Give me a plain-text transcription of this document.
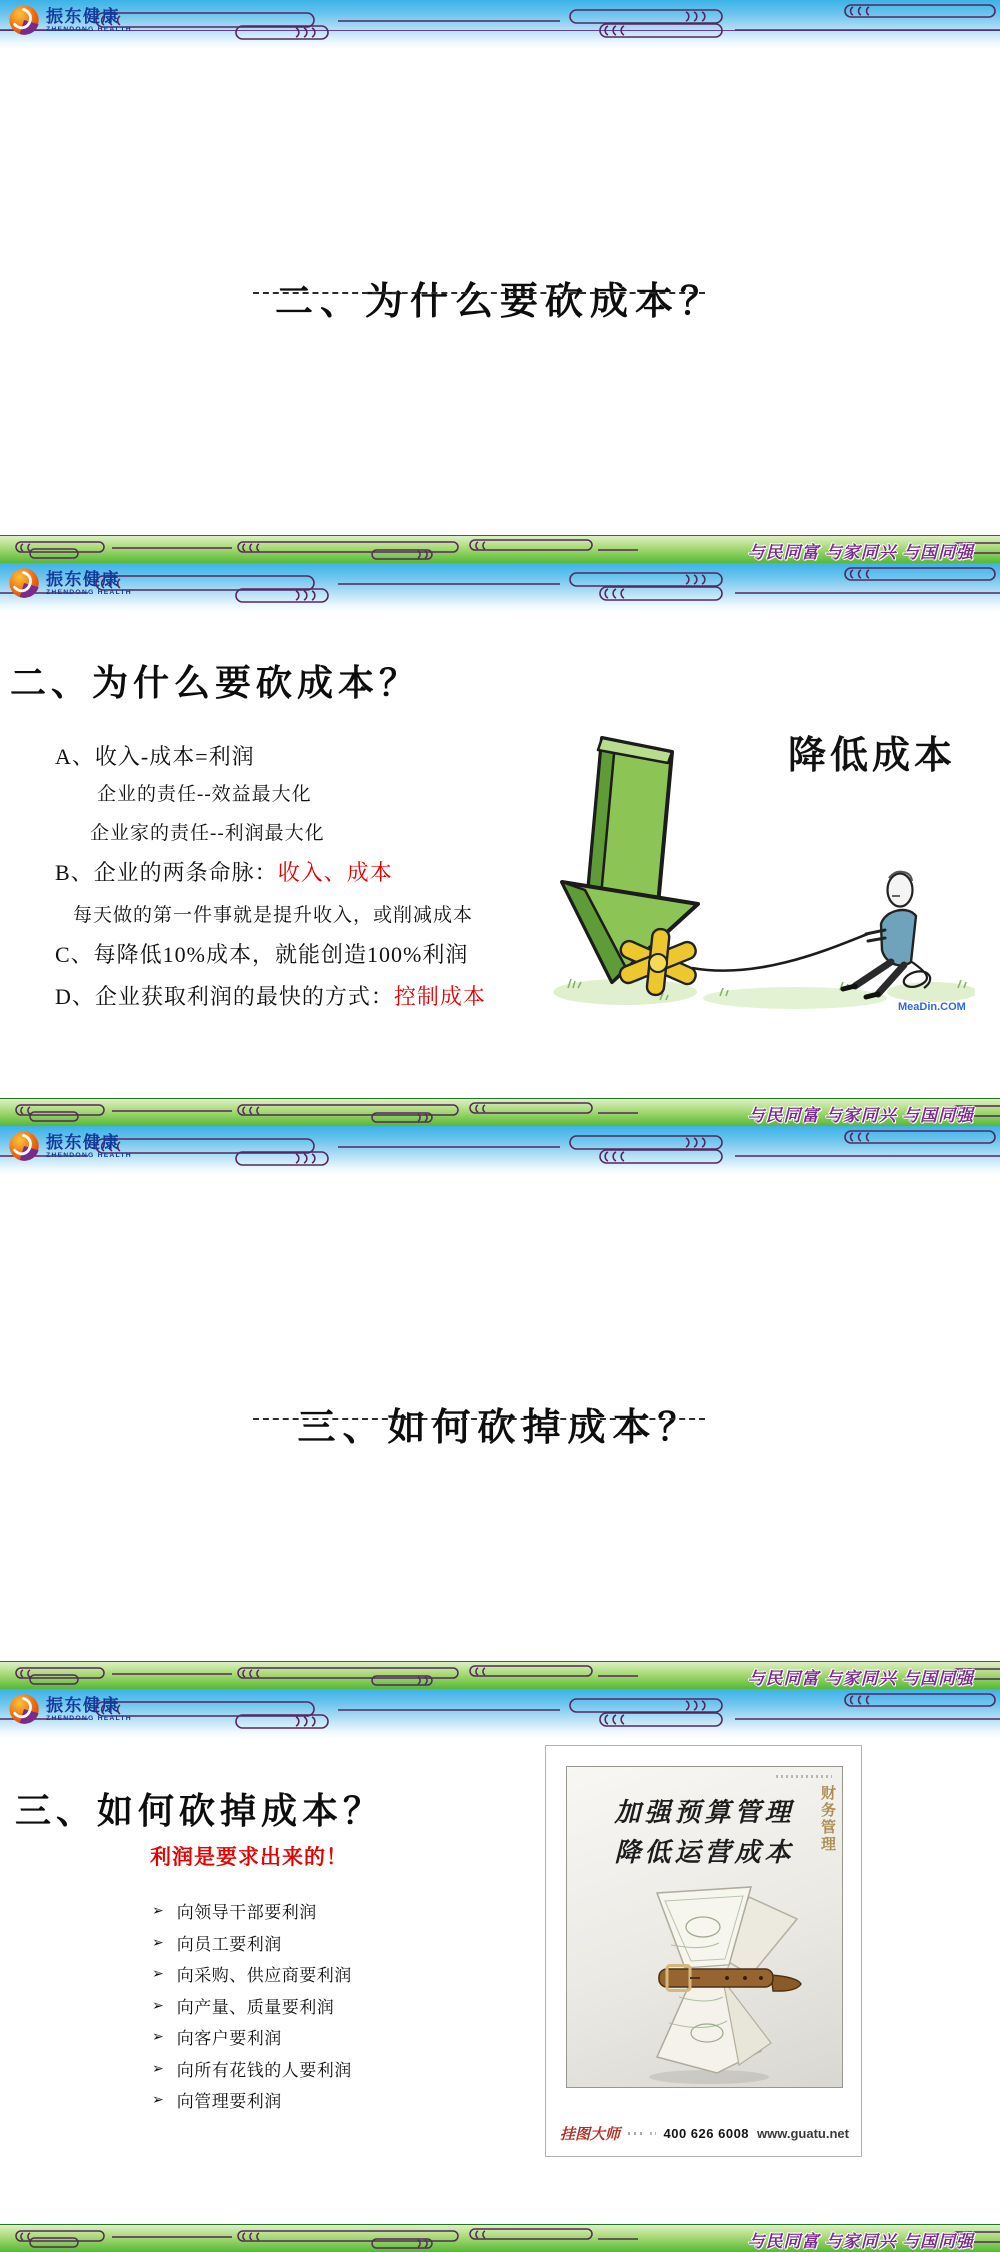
振东健康
ZHENDONG HEALTH
二、为什么要砍成本？
与民同富 与家同兴 与国同强
振东健康
ZHENDONG HEALTH
二、为什么要砍成本？
A、收入-成本=利润
企业的责任--效益最大化
企业家的责任--利润最大化
B、企业的两条命脉：收入、成本
每天做的第一件事就是提升收入，或削减成本
C、每降低10%成本，就能创造100%利润
D、企业获取利润的最快的方式：控制成本
降低成本
MeaDin.COM
与民同富 与家同兴 与国同强
振东健康
ZHENDONG HEALTH
三、如何砍掉成本？
与民同富 与家同兴 与国同强
振东健康
ZHENDONG HEALTH
三、如何砍掉成本？
利润是要求出来的！
➢ 向领导干部要利润
➢ 向员工要利润
➢ 向采购、供应商要利润
➢ 向产量、质量要利润
➢ 向客户要利润
➢ 向所有花钱的人要利润
➢ 向管理要利润
财务管理
加强预算管理
降低运营成本
挂图大师	400 626 6008 www.guatu.net
与民同富 与家同兴 与国同强
